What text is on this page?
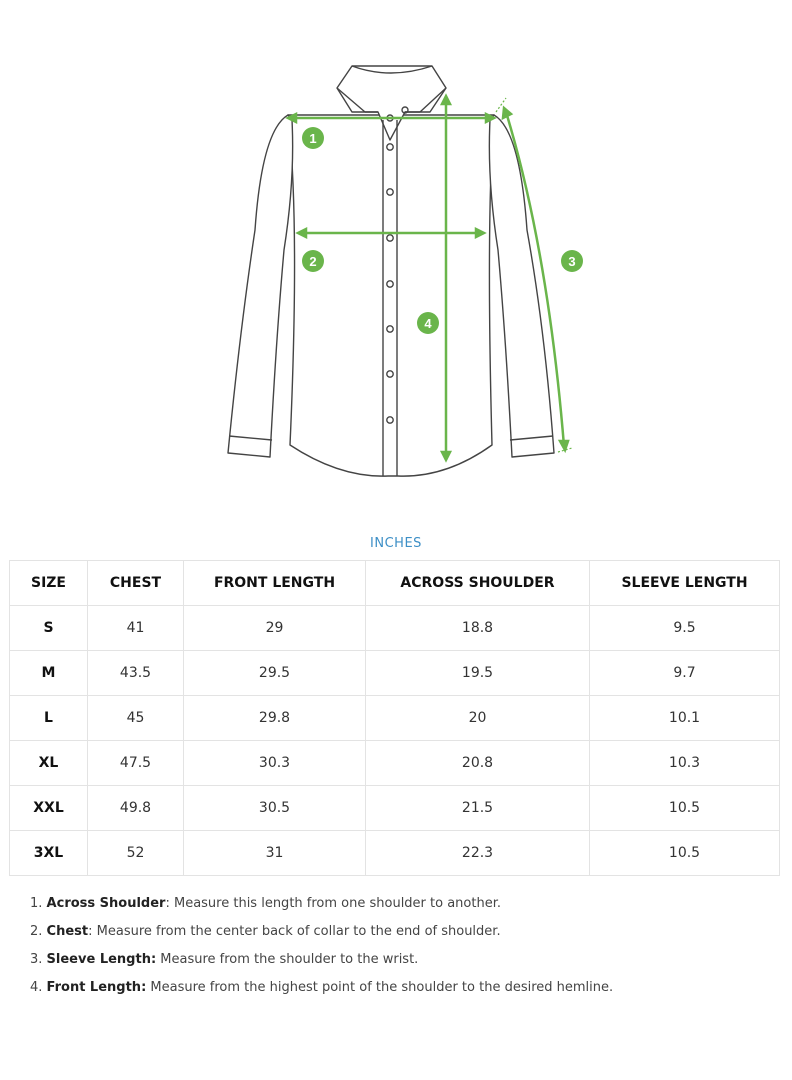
1
2	3
4
INCHES
SIZE	CHEST	FRONT LENGTH	ACROSS SHOULDER	SLEEVE LENGTH
S	41	29	18.8	9.5
M	43.5	29.5	19.5	9.7
L	45	29.8	20	10.1
XL	47.5	30.3	20.8	10.3
XXL	49.8	30.5	21.5	10.5
3XL	52	31	22.3	10.5
1. Across Shoulder: Measure this length from one shoulder to another.
2. Chest: Measure from the center back of collar to the end of shoulder.
3. Sleeve Length: Measure from the shoulder to the wrist.
4. Front Length: Measure from the highest point of the shoulder to the desired hemline.
